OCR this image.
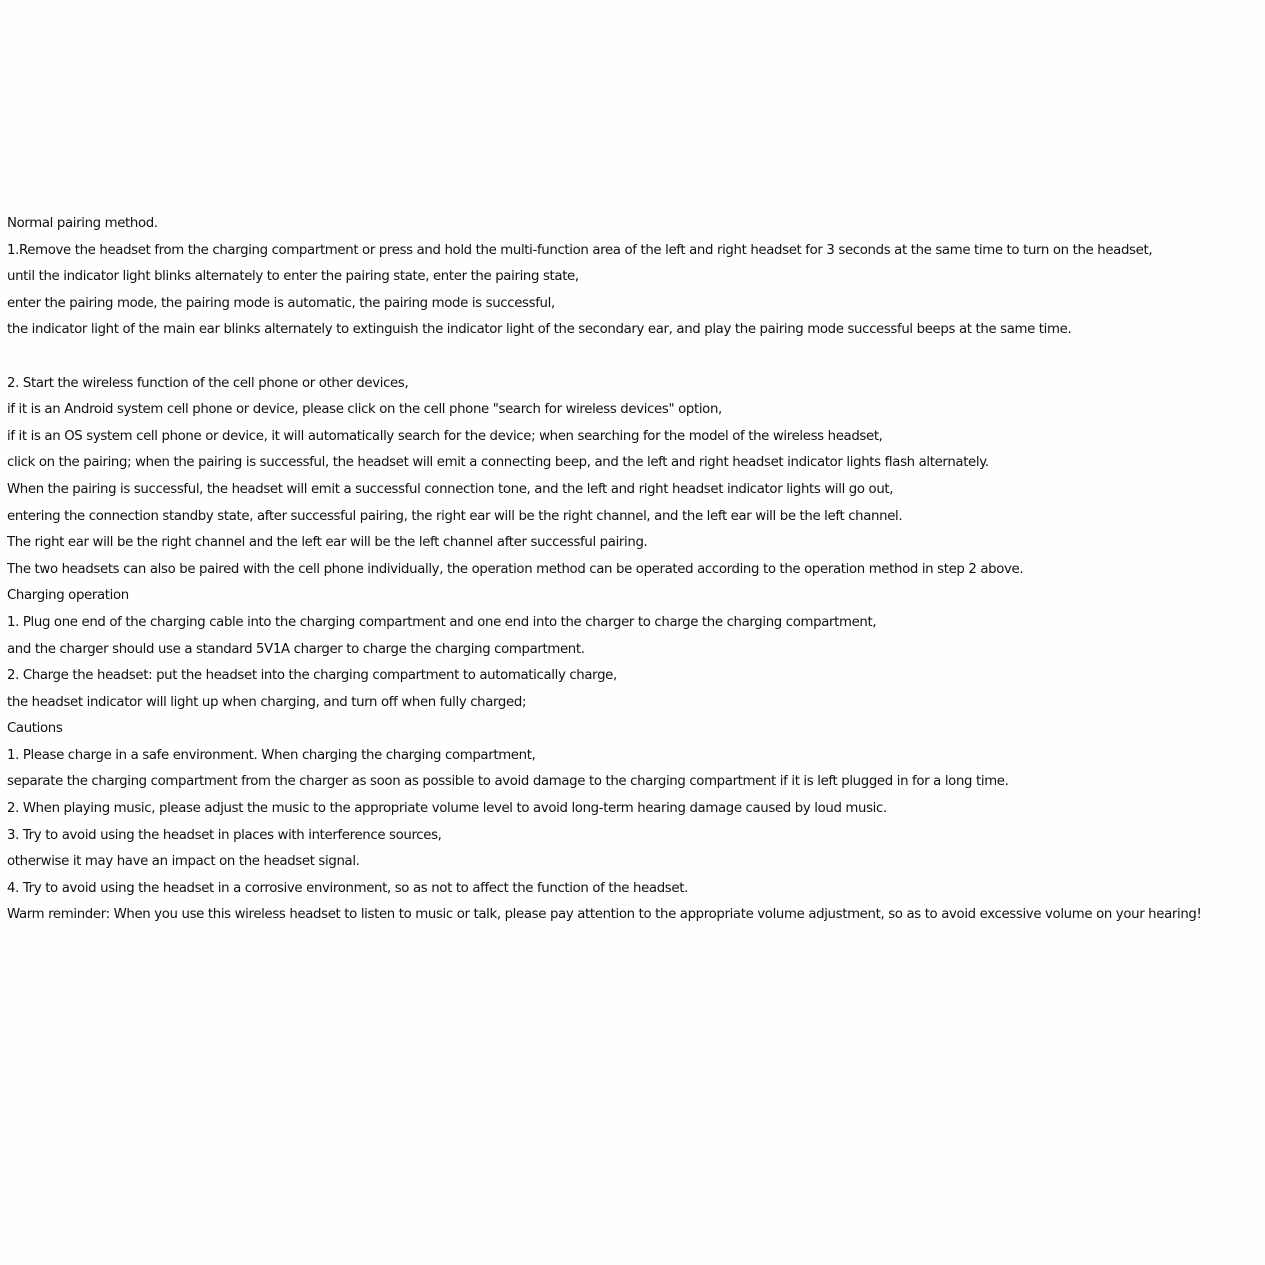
Normal pairing method.
1.Remove the headset from the charging compartment or press and hold the multi-function area of the left and right headset for 3 seconds at the same time to turn on the headset,
until the indicator light blinks alternately to enter the pairing state, enter the pairing state,
enter the pairing mode, the pairing mode is automatic, the pairing mode is successful,
the indicator light of the main ear blinks alternately to extinguish the indicator light of the secondary ear, and play the pairing mode successful beeps at the same time.
2. Start the wireless function of the cell phone or other devices,
if it is an Android system cell phone or device, please click on the cell phone "search for wireless devices" option,
if it is an OS system cell phone or device, it will automatically search for the device; when searching for the model of the wireless headset,
click on the pairing; when the pairing is successful, the headset will emit a connecting beep, and the left and right headset indicator lights flash alternately.
When the pairing is successful, the headset will emit a successful connection tone, and the left and right headset indicator lights will go out,
entering the connection standby state, after successful pairing, the right ear will be the right channel, and the left ear will be the left channel.
The right ear will be the right channel and the left ear will be the left channel after successful pairing.
The two headsets can also be paired with the cell phone individually, the operation method can be operated according to the operation method in step 2 above.
Charging operation
1. Plug one end of the charging cable into the charging compartment and one end into the charger to charge the charging compartment,
and the charger should use a standard 5V1A charger to charge the charging compartment.
2. Charge the headset: put the headset into the charging compartment to automatically charge,
the headset indicator will light up when charging, and turn off when fully charged;
Cautions
1. Please charge in a safe environment. When charging the charging compartment,
separate the charging compartment from the charger as soon as possible to avoid damage to the charging compartment if it is left plugged in for a long time.
2. When playing music, please adjust the music to the appropriate volume level to avoid long-term hearing damage caused by loud music.
3. Try to avoid using the headset in places with interference sources,
otherwise it may have an impact on the headset signal.
4. Try to avoid using the headset in a corrosive environment, so as not to affect the function of the headset.
Warm reminder: When you use this wireless headset to listen to music or talk, please pay attention to the appropriate volume adjustment, so as to avoid excessive volume on your hearing!
